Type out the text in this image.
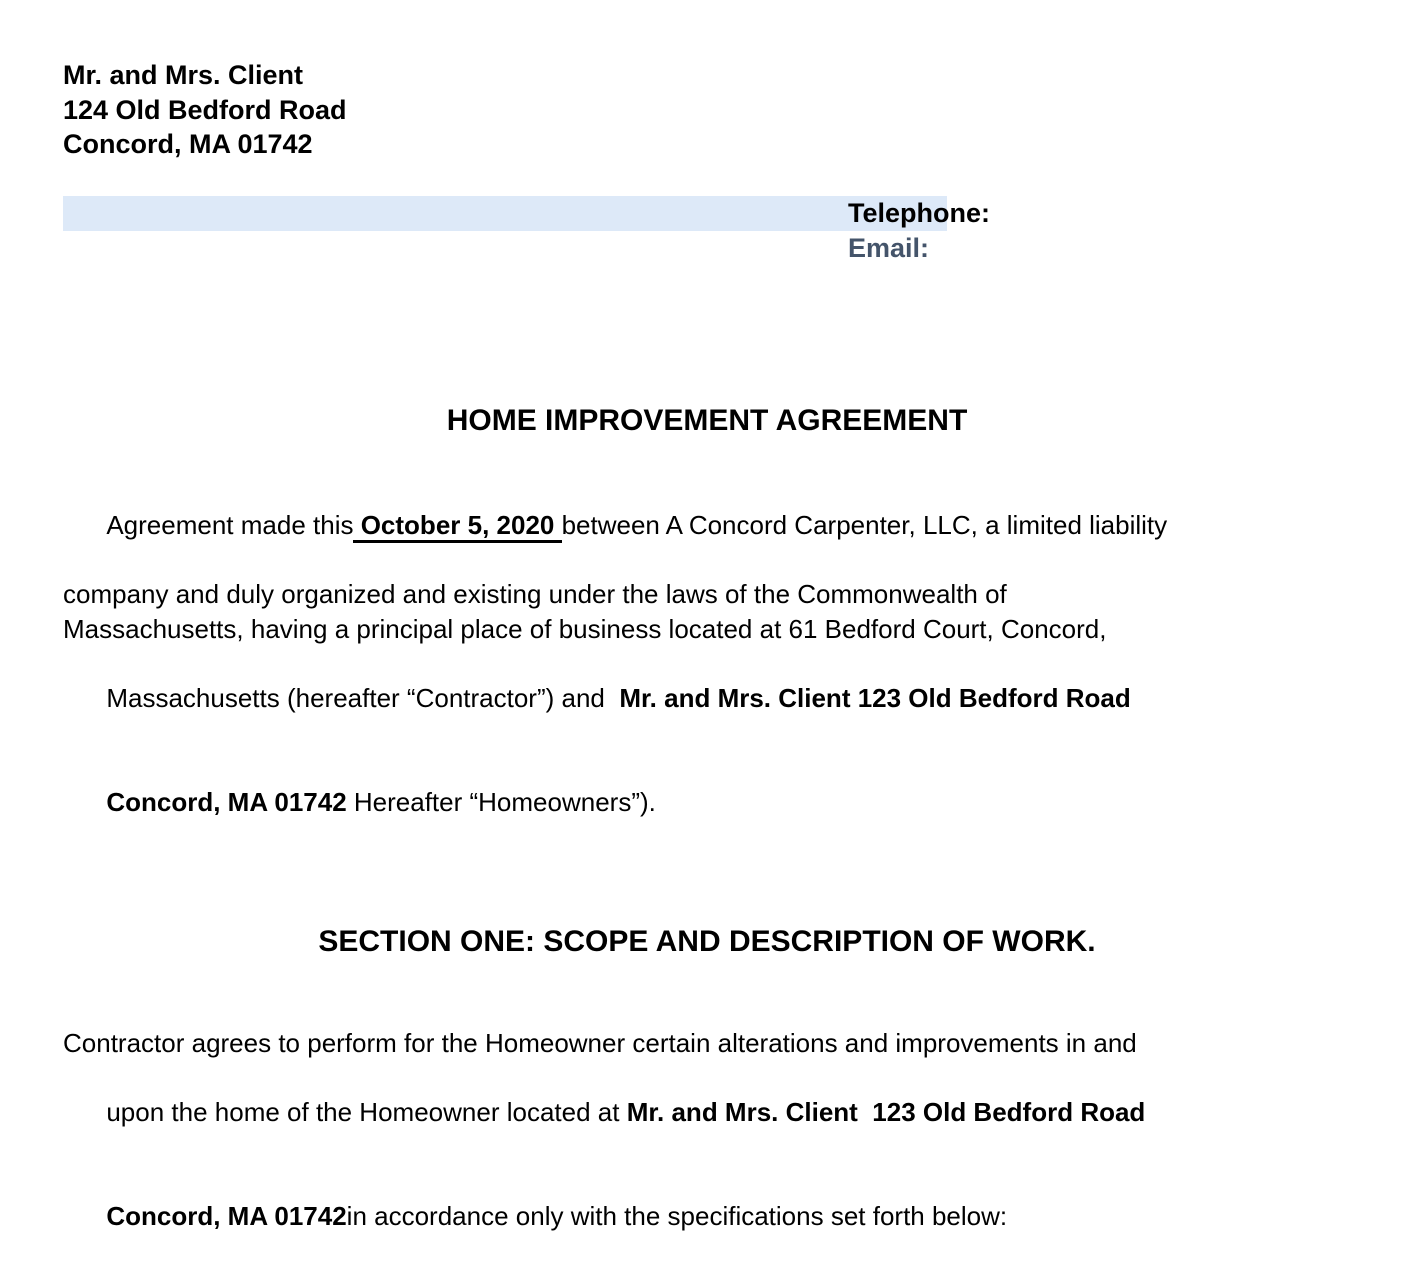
Mr. and Mrs. Client
124 Old Bedford Road
Concord, MA 01742

Telephone:

Email:

HOME IMPROVEMENT AGREEMENT

Agreement made this October 5, 2020 between A Concord Carpenter, LLC, a limited liability

company and duly organized and existing under the laws of the Commonwealth of
Massachusetts, having a principal place of business located at 61 Bedford Court, Concord,

Massachusetts (hereafter “Contractor”) and  Mr. and Mrs. Client 123 Old Bedford Road

Concord, MA 01742 Hereafter “Homeowners”).

SECTION ONE: SCOPE AND DESCRIPTION OF WORK.
Contractor agrees to perform for the Homeowner certain alterations and improvements in and

upon the home of the Homeowner located at Mr. and Mrs. Client  123 Old Bedford Road

Concord, MA 01742in accordance only with the specifications set forth below:
